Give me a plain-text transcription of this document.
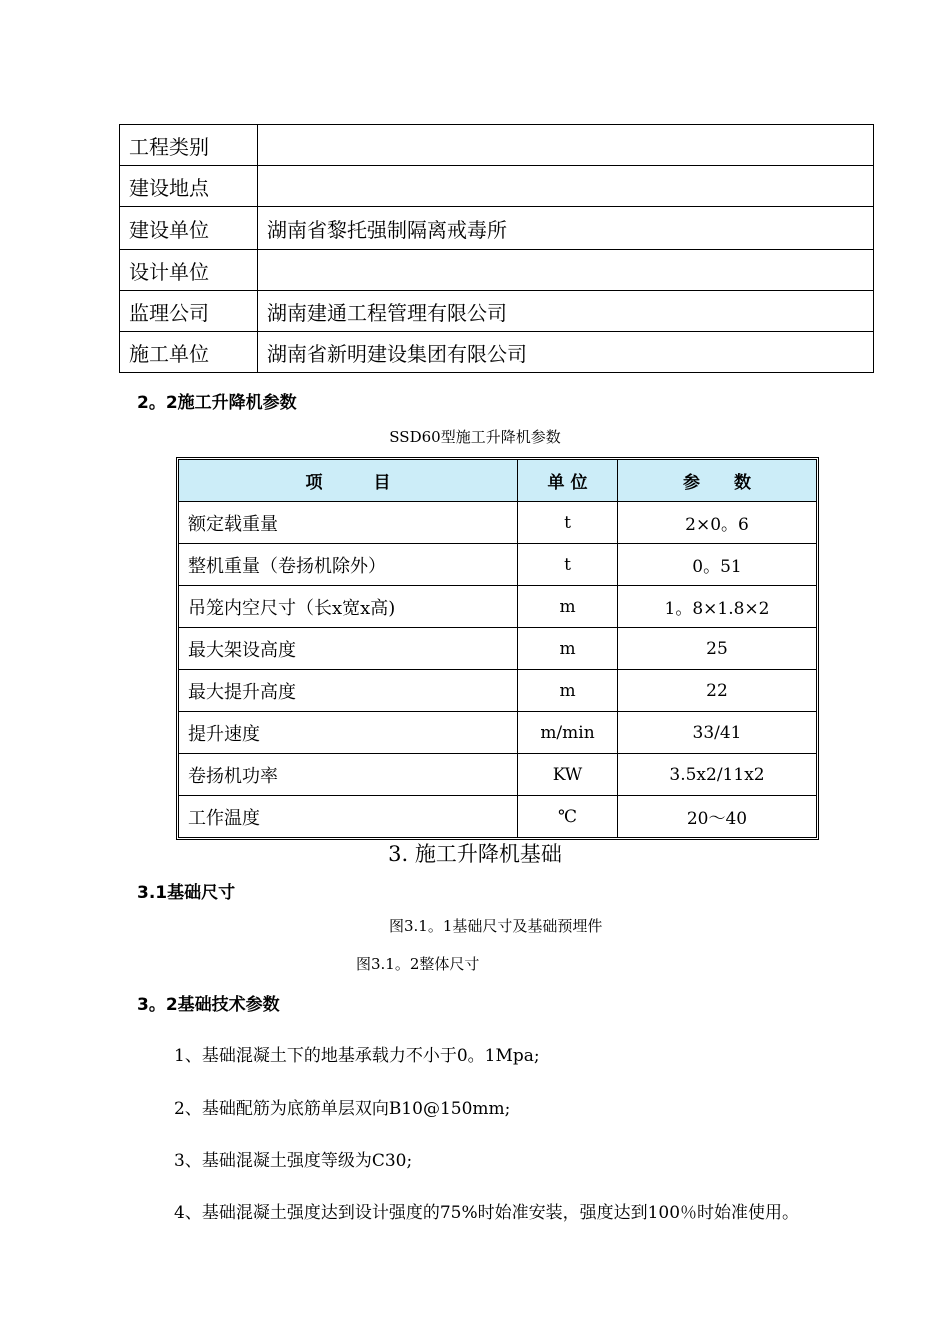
工程类别	
建设地点	
建设单位	湖南省黎托强制隔离戒毒所
设计单位	
监理公司	湖南建通工程管理有限公司
施工单位	湖南省新明建设集团有限公司
2。2施工升降机参数
SSD60型施工升降机参数
项　　　目	单 位	参　　数
额定载重量	t	2×0。6
整机重量（卷扬机除外）	t	0。51
吊笼内空尺寸（长x宽x高)	m	1。8×1.8×2
最大架设高度	m	25
最大提升高度	m	22
提升速度	m/min	33/41
卷扬机功率	KW	3.5x2/11x2
工作温度	℃	20～40
3. 施工升降机基础
3.1基础尺寸
图3.1。1基础尺寸及基础预埋件
图3.1。2整体尺寸
3。2基础技术参数
1、基础混凝土下的地基承载力不小于0。1Mpa;
2、基础配筋为底筋单层双向B10@150mm;
3、基础混凝土强度等级为C30;
4、基础混凝土强度达到设计强度的75%时始准安装，强度达到100％时始准使用。
